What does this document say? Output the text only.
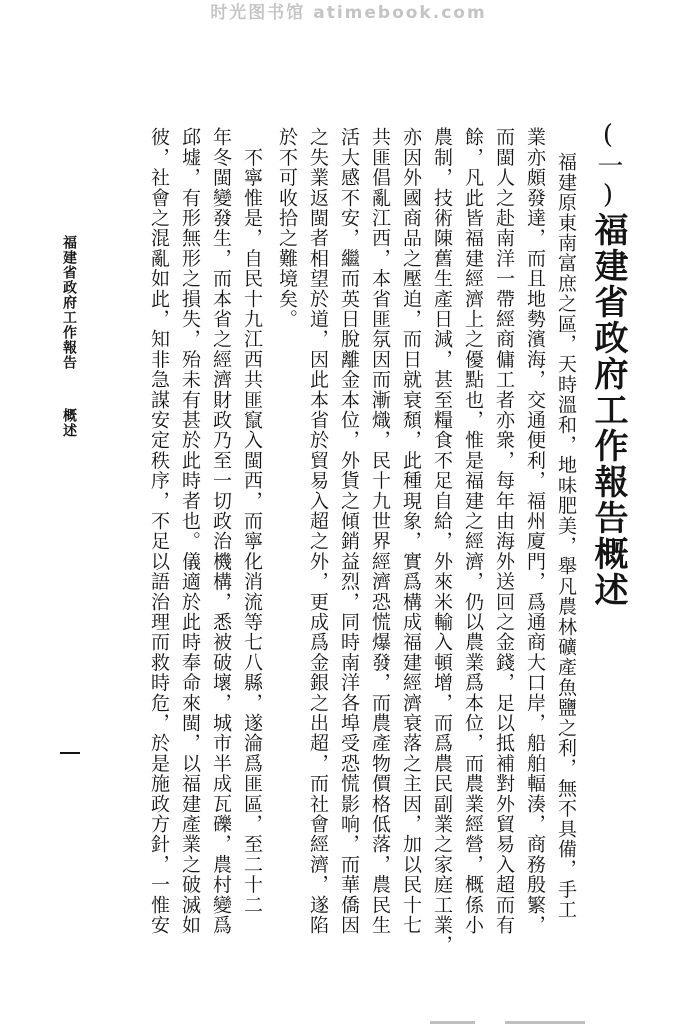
时光图书馆 atimebook.com
(一)福建省政府工作報告概述
福建原東南富庶之區，天時溫和，地味肥美，舉凡農林礦產魚鹽之利，無不具備，手工
業亦頗發達，而且地勢濱海，交通便利，福州廈門，爲通商大口岸，船舶輻湊，商務殷繁，
而閩人之赴南洋一帶經商傭工者亦衆，每年由海外送回之金錢，足以抵補對外貿易入超而有
餘，凡此皆福建經濟上之優點也，惟是福建之經濟，仍以農業爲本位，而農業經營，概係小
農制，技術陳舊生產日減，甚至糧食不足自給，外來米輸入頓增，而爲農民副業之家庭工業，
亦因外國商品之壓迫，而日就衰頹，此種現象，實爲構成福建經濟衰落之主因，加以民十七
共匪倡亂江西，本省匪氛因而漸熾，民十九世界經濟恐慌爆發，而農產物價格低落，農民生
活大感不安，繼而英日脫離金本位，外貨之傾銷益烈，同時南洋各埠受恐慌影响，而華僑因
之失業返閩者相望於道，因此本省於貿易入超之外，更成爲金銀之出超，而社會經濟，遂陷
於不可收拾之難境矣。
　不寧惟是，自民十九江西共匪竄入閩西，而寧化消流等七八縣，遂淪爲匪區，至二十二
年冬閩變發生，而本省之經濟財政乃至一切政治機構，悉被破壞，城市半成瓦礫，農村變爲
邱墟，有形無形之損失，殆未有甚於此時者也。儀適於此時奉命來閩，以福建產業之破滅如
彼，社會之混亂如此，知非急謀安定秩序，不足以語治理而救時危，於是施政方針，一惟安
福建省政府工作報告概述
